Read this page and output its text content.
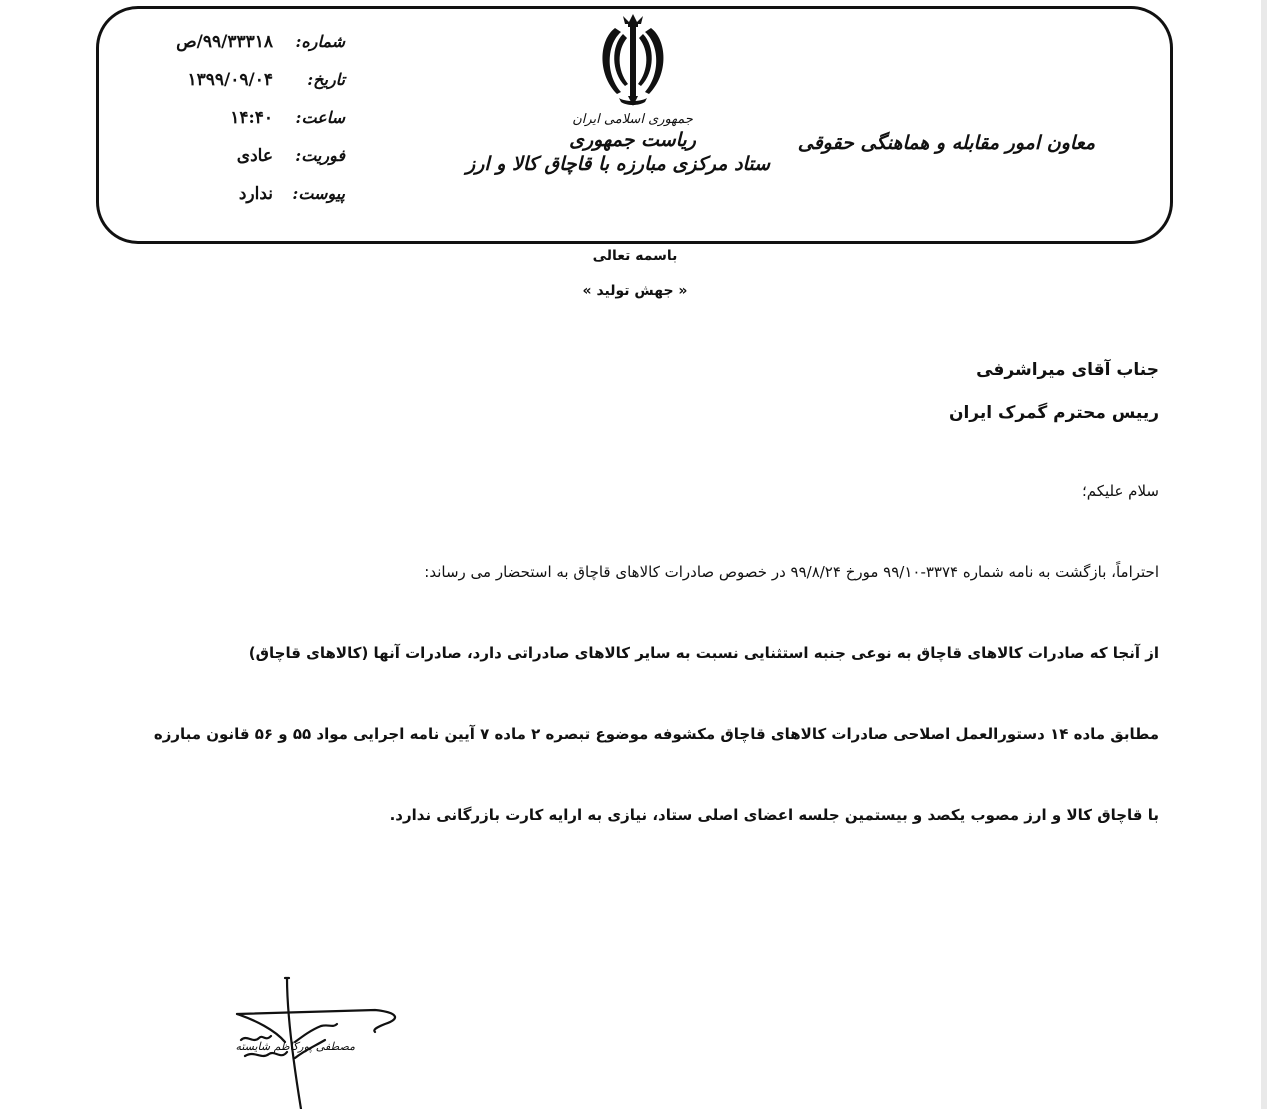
شماره:
۹۹/۳۳۳۱۸/ص
تاریخ:
۱۳۹۹/۰۹/۰۴
ساعت:
۱۴:۴۰
فوریت:
عادی
پیوست:
ندارد
جمهوری اسلامی ایران
ریاست جمهوری
ستاد مرکزی مبارزه با قاچاق کالا و ارز
معاون امور مقابله و هماهنگی حقوقی
باسمه تعالی
« جهش تولید »
جناب آقای میراشرفی
رییس محترم گمرک ایران
سلام علیکم؛
احتراماً، بازگشت به نامه شماره ۳۳۷۴-۹۹/۱۰ مورخ ۹۹/۸/۲۴ در خصوص صادرات کالاهای قاچاق به استحضار می رساند:
از آنجا که صادرات کالاهای قاچاق به نوعی جنبه استثنایی نسبت به سایر کالاهای صادراتی دارد، صادرات آنها (کالاهای قاچاق)
مطابق ماده ۱۴ دستورالعمل اصلاحی صادرات کالاهای قاچاق مکشوفه موضوع تبصره ۲ ماده ۷ آیین نامه اجرایی مواد ۵۵ و ۵۶ قانون مبارزه
با قاچاق کالا و ارز مصوب یکصد و بیستمین جلسه اعضای اصلی ستاد، نیازی به ارایه کارت بازرگانی ندارد.
مصطفی پورکاظم شایسته
